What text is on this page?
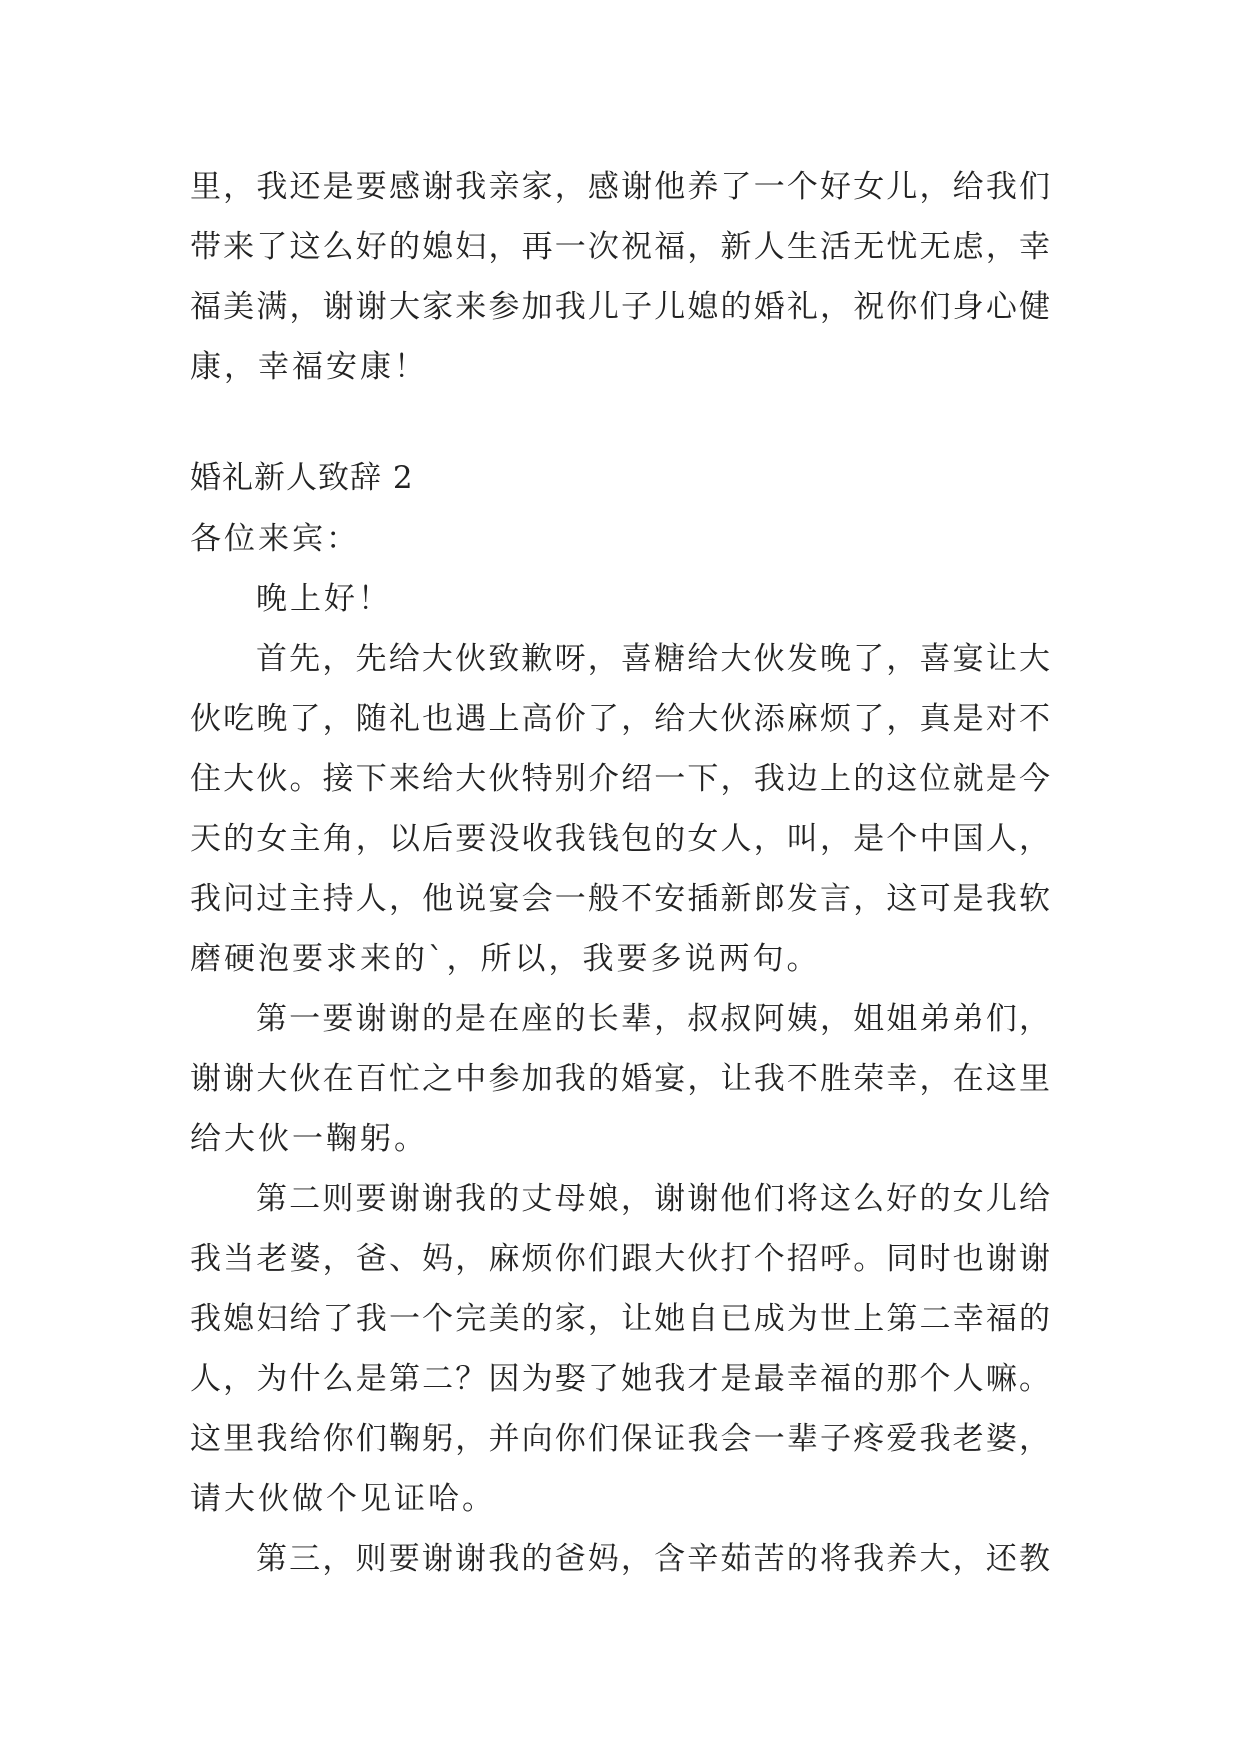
里，我还是要感谢我亲家，感谢他养了一个好女儿，给我们
带来了这么好的媳妇，再一次祝福，新人生活无忧无虑，幸
福美满，谢谢大家来参加我儿子儿媳的婚礼，祝你们身心健
康，幸福安康！
婚礼新人致辞 2
各位来宾：
晚上好！
首先，先给大伙致歉呀，喜糖给大伙发晚了，喜宴让大
伙吃晚了，随礼也遇上高价了，给大伙添麻烦了，真是对不
住大伙。接下来给大伙特别介绍一下，我边上的这位就是今
天的女主角，以后要没收我钱包的女人，叫，是个中国人，
我问过主持人，他说宴会一般不安插新郎发言，这可是我软
磨硬泡要求来的`，所以，我要多说两句。
第一要谢谢的是在座的长辈，叔叔阿姨，姐姐弟弟们，
谢谢大伙在百忙之中参加我的婚宴，让我不胜荣幸，在这里
给大伙一鞠躬。
第二则要谢谢我的丈母娘，谢谢他们将这么好的女儿给
我当老婆，爸、妈，麻烦你们跟大伙打个招呼。同时也谢谢
我媳妇给了我一个完美的家，让她自已成为世上第二幸福的
人，为什么是第二？因为娶了她我才是最幸福的那个人嘛。
这里我给你们鞠躬，并向你们保证我会一辈子疼爱我老婆，
请大伙做个见证哈。
第三，则要谢谢我的爸妈，含辛茹苦的将我养大，还教
